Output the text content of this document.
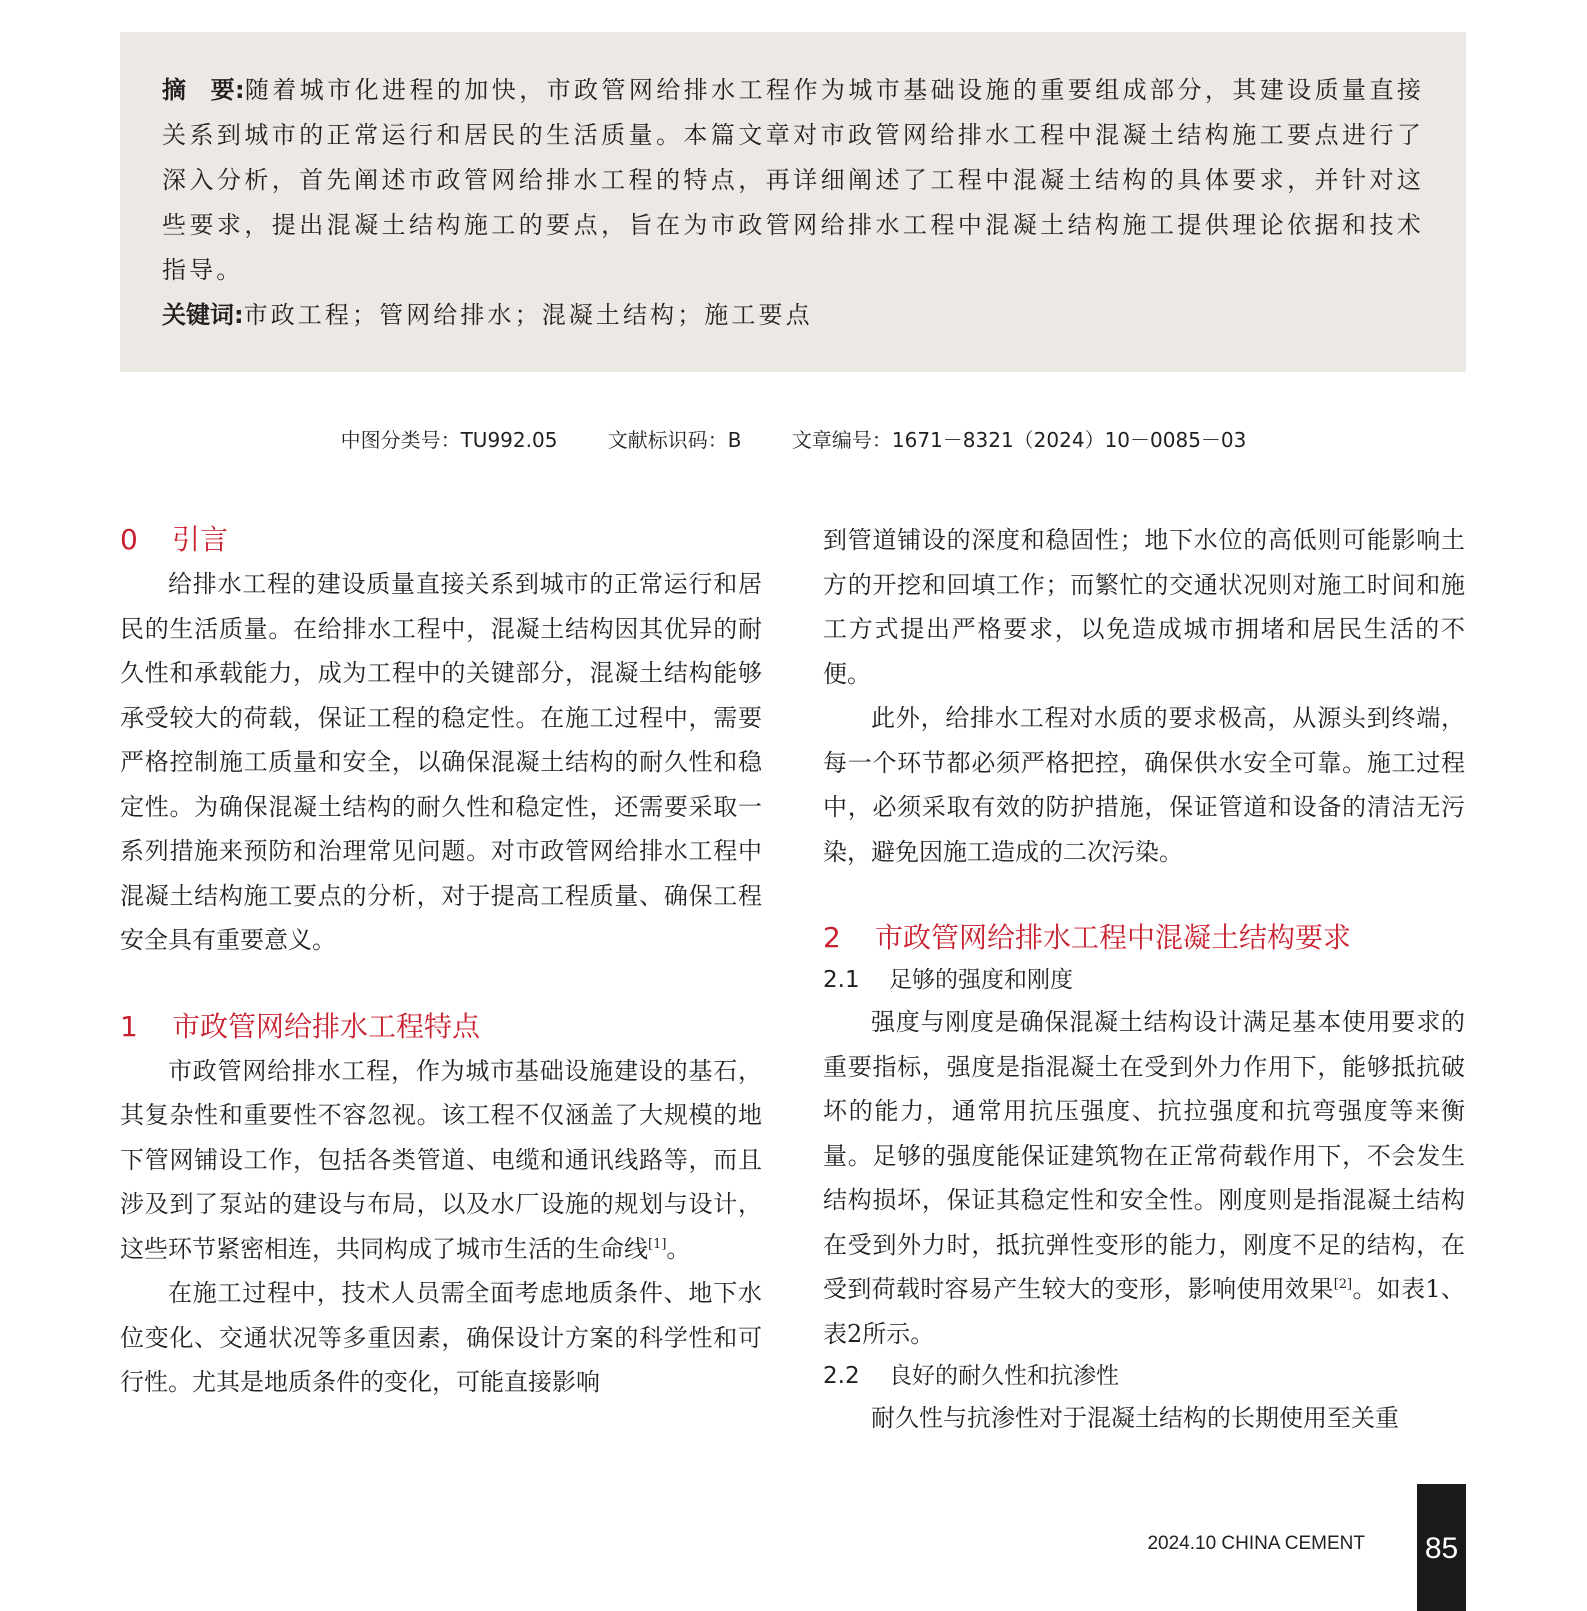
摘　要:随着城市化进程的加快，市政管网给排水工程作为城市基础设施的重要组成部分，其建设质量直接关系到城市的正常运行和居民的生活质量。本篇文章对市政管网给排水工程中混凝土结构施工要点进行了深入分析，首先阐述市政管网给排水工程的特点，再详细阐述了工程中混凝土结构的具体要求，并针对这些要求，提出混凝土结构施工的要点，旨在为市政管网给排水工程中混凝土结构施工提供理论依据和技术指导。

关键词:市政工程；管网给排水；混凝土结构；施工要点

中图分类号：TU992.05	文献标识码：B	文章编号：1671－8321（2024）10－0085－03
0 引言

给排水工程的建设质量直接关系到城市的正常运行和居民的生活质量。在给排水工程中，混凝土结构因其优异的耐久性和承载能力，成为工程中的关键部分，混凝土结构能够承受较大的荷载，保证工程的稳定性。在施工过程中，需要严格控制施工质量和安全，以确保混凝土结构的耐久性和稳定性。为确保混凝土结构的耐久性和稳定性，还需要采取一系列措施来预防和治理常见问题。对市政管网给排水工程中混凝土结构施工要点的分析，对于提高工程质量、确保工程安全具有重要意义。

1 市政管网给排水工程特点

市政管网给排水工程，作为城市基础设施建设的基石，其复杂性和重要性不容忽视。该工程不仅涵盖了大规模的地下管网铺设工作，包括各类管道、电缆和通讯线路等，而且涉及到了泵站的建设与布局，以及水厂设施的规划与设计，这些环节紧密相连，共同构成了城市生活的生命线[1]。

在施工过程中，技术人员需全面考虑地质条件、地下水位变化、交通状况等多重因素，确保设计方案的科学性和可行性。尤其是地质条件的变化，可能直接影响

到管道铺设的深度和稳固性；地下水位的高低则可能影响土方的开挖和回填工作；而繁忙的交通状况则对施工时间和施工方式提出严格要求，以免造成城市拥堵和居民生活的不便。

此外，给排水工程对水质的要求极高，从源头到终端，每一个环节都必须严格把控，确保供水安全可靠。施工过程中，必须采取有效的防护措施，保证管道和设备的清洁无污染，避免因施工造成的二次污染。

2 市政管网给排水工程中混凝土结构要求
2.1 足够的强度和刚度

强度与刚度是确保混凝土结构设计满足基本使用要求的重要指标，强度是指混凝土在受到外力作用下，能够抵抗破坏的能力，通常用抗压强度、抗拉强度和抗弯强度等来衡量。足够的强度能保证建筑物在正常荷载作用下，不会发生结构损坏，保证其稳定性和安全性。刚度则是指混凝土结构在受到外力时，抵抗弹性变形的能力，刚度不足的结构，在受到荷载时容易产生较大的变形，影响使用效果[2]。如表1、表2所示。

2.2 良好的耐久性和抗渗性

耐久性与抗渗性对于混凝土结构的长期使用至关重

2024.10 CHINA CEMENT 85
